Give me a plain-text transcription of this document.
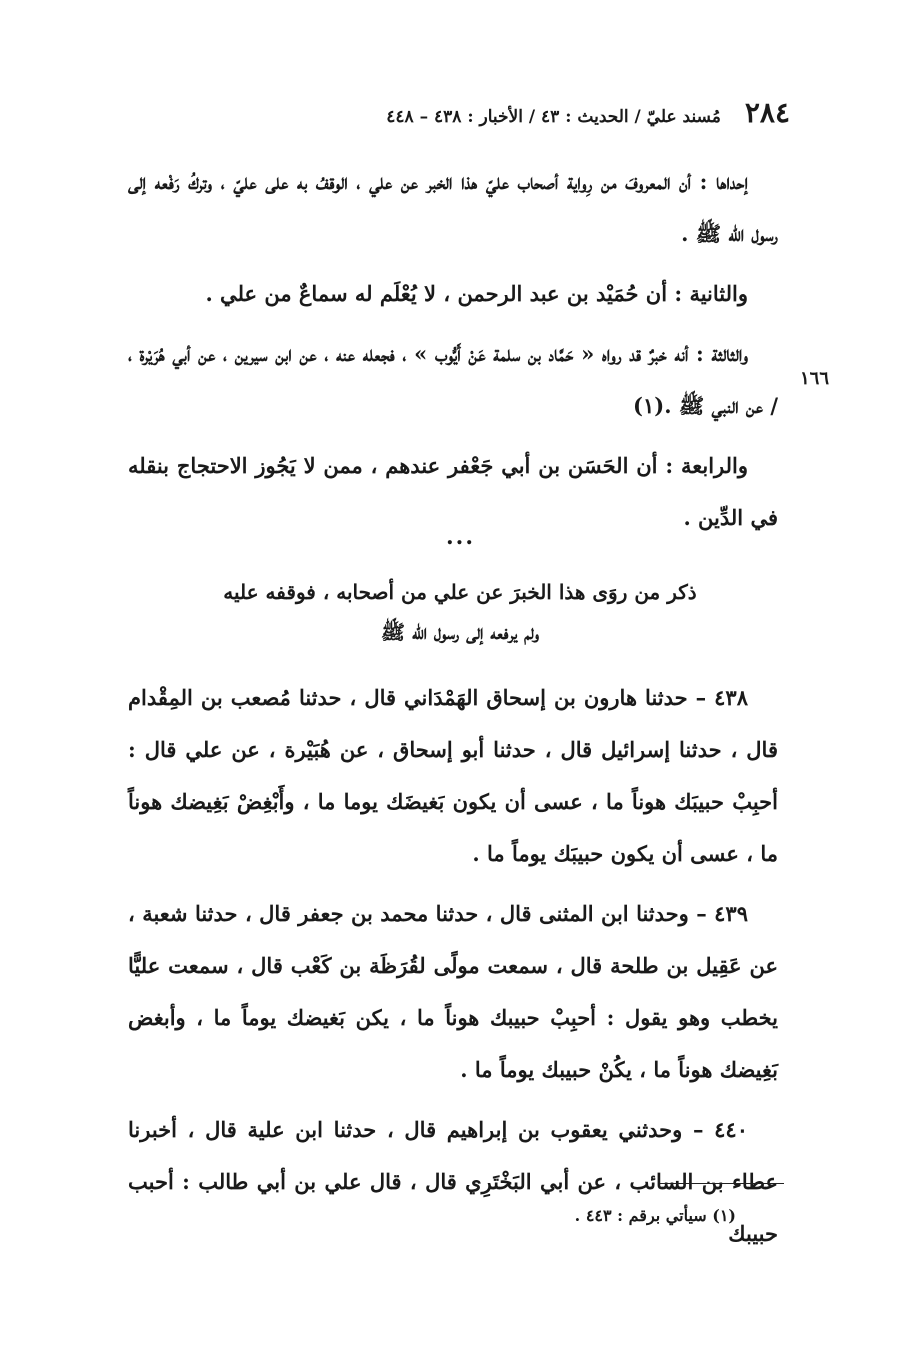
٢٨٤
مُسند عليّ / الحديث : ٤٣ / الأخبار : ٤٣٨ – ٤٤٨
١٦٦

إحداها : أن المعروفَ من رِواية أصحاب عليّ هذا الخبر عن علي ، الوقفُ به على عليّ ، وتركُ رَفْعه إلى رسول الله ﷺ .

والثانية : أن حُمَيْد بن عبد الرحمن ، لا يُعْلَم له سماعٌ من علي .

والثالثة : أنه خبرٌ قد رواه « حَمَّاد بن سلمة عَنْ أَيُّوب » ، فجعله عنه ، عن ابن سيرين ، عن أبي هُرَيْرة ، / عن النبي ﷺ .(١)

والرابعة : أن الحَسَن بن أبي جَعْفر عندهم ، ممن لا يَجُوز الاحتجاج بنقله في الدِّين .

...
ذكر من روَى هذا الخبرَ عن علي من أصحابه ، فوقفه عليه
ولم يرفعه إلى رسول الله ﷺ

٤٣٨ – حدثنا هارون بن إسحاق الهَمْدَاني قال ، حدثنا مُصعب بن المِقْدام قال ، حدثنا إسرائيل قال ، حدثنا أبو إسحاق ، عن هُبَيْرة ، عن علي قال : أحبِبْ حبيبَك هوناً ما ، عسى أن يكون بَغيضَك يوما ما ، وأَبْغِضْ بَغِيضك هوناً ما ، عسى أن يكون حبيبَك يوماً ما .

٤٣٩ – وحدثنا ابن المثنى قال ، حدثنا محمد بن جعفر قال ، حدثنا شعبة ، عن عَقِيل بن طلحة قال ، سمعت مولًى لقُرَظَة بن كَعْب قال ، سمعت عليًّا يخطب وهو يقول : أحبِبْ حبيبك هوناً ما ، يكن بَغيضك يوماً ما ، وأبغض بَغِيضك هوناً ما ، يكُنْ حبيبك يوماً ما .

٤٤٠ – وحدثني يعقوب بن إبراهيم قال ، حدثنا ابن علية قال ، أخبرنا عطاء بن السائب ، عن أبي البَخْتَرِي قال ، قال علي بن أبي طالب : أحبب حبيبك

(١) سيأتي برقم : ٤٤٣ .
